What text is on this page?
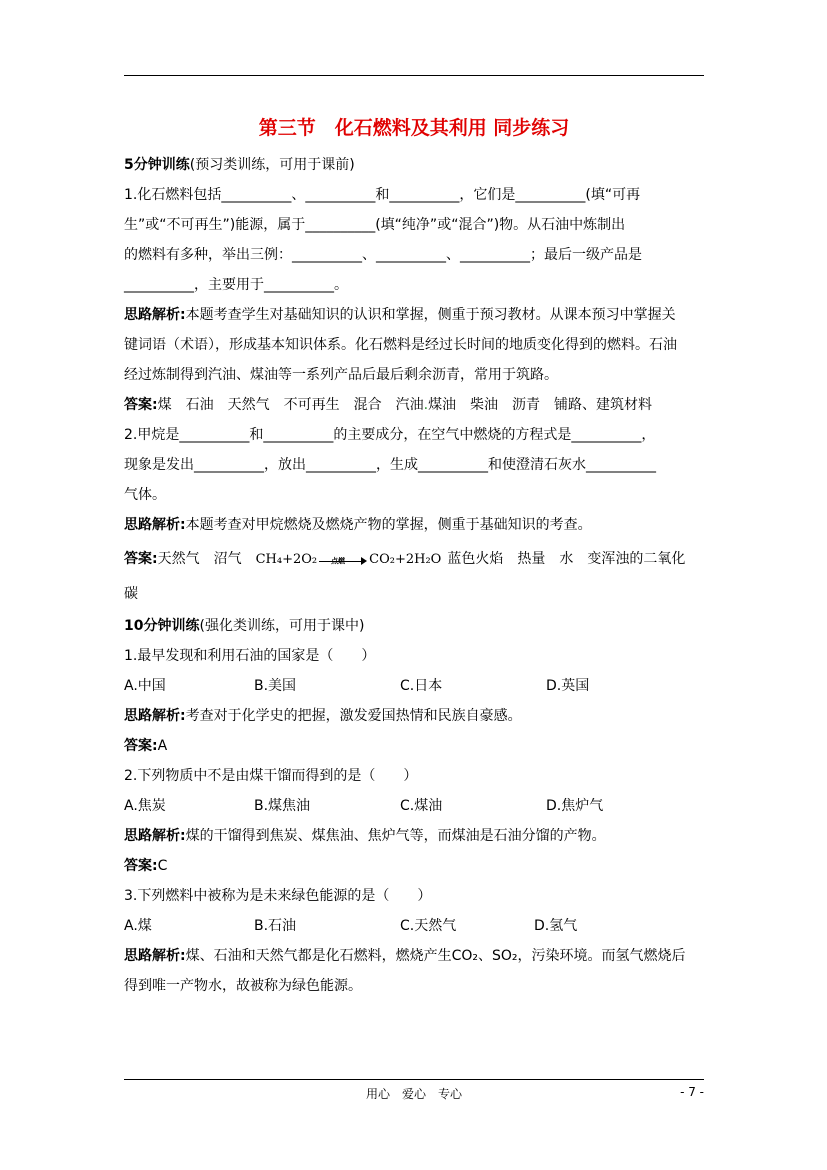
第三节　化石燃料及其利用 同步练习

5分钟训练(预习类训练，可用于课前)

1.化石燃料包括__________、__________和__________，它们是__________(填“可再

生”或“不可再生”)能源，属于__________(填“纯净”或“混合”)物。从石油中炼制出

的燃料有多种，举出三例：__________、__________、__________；最后一级产品是

__________，主要用于__________。

思路解析:本题考查学生对基础知识的认识和掌握，侧重于预习教材。从课本预习中掌握关

键词语（术语），形成基本知识体系。化石燃料是经过长时间的地质变化得到的燃料。石油

经过炼制得到汽油、煤油等一系列产品后最后剩余沥青，常用于筑路。

答案:煤　石油　天然气　不可再生　混合　汽油.煤油　柴油　沥青　铺路、建筑材料

2.甲烷是__________和__________的主要成分，在空气中燃烧的方程式是__________，

现象是发出__________，放出__________，生成__________和使澄清石灰水__________

气体。

思路解析:本题考查对甲烷燃烧及燃烧产物的掌握，侧重于基础知识的考查。

答案:天然气　沼气 CH₄+2O₂ 点燃 CO₂+2H₂O 蓝色火焰　热量　水　变浑浊的二氧化

碳

10分钟训练(强化类训练，可用于课中)

1.最早发现和利用石油的国家是（　　）

A.中国	B.美国	C.日本	D.英国

思路解析:考查对于化学史的把握，激发爱国热情和民族自豪感。

答案:A

2.下列物质中不是由煤干馏而得到的是（　　）

A.焦炭	B.煤焦油	C.煤油	D.焦炉气

思路解析:煤的干馏得到焦炭、煤焦油、焦炉气等，而煤油是石油分馏的产物。

答案:C

3.下列燃料中被称为是未来绿色能源的是（　　）

A.煤	B.石油	C.天然气	D.氢气

思路解析:煤、石油和天然气都是化石燃料，燃烧产生CO₂、SO₂，污染环境。而氢气燃烧后

得到唯一产物水，故被称为绿色能源。

用心　爱心　专心	- 7 -
